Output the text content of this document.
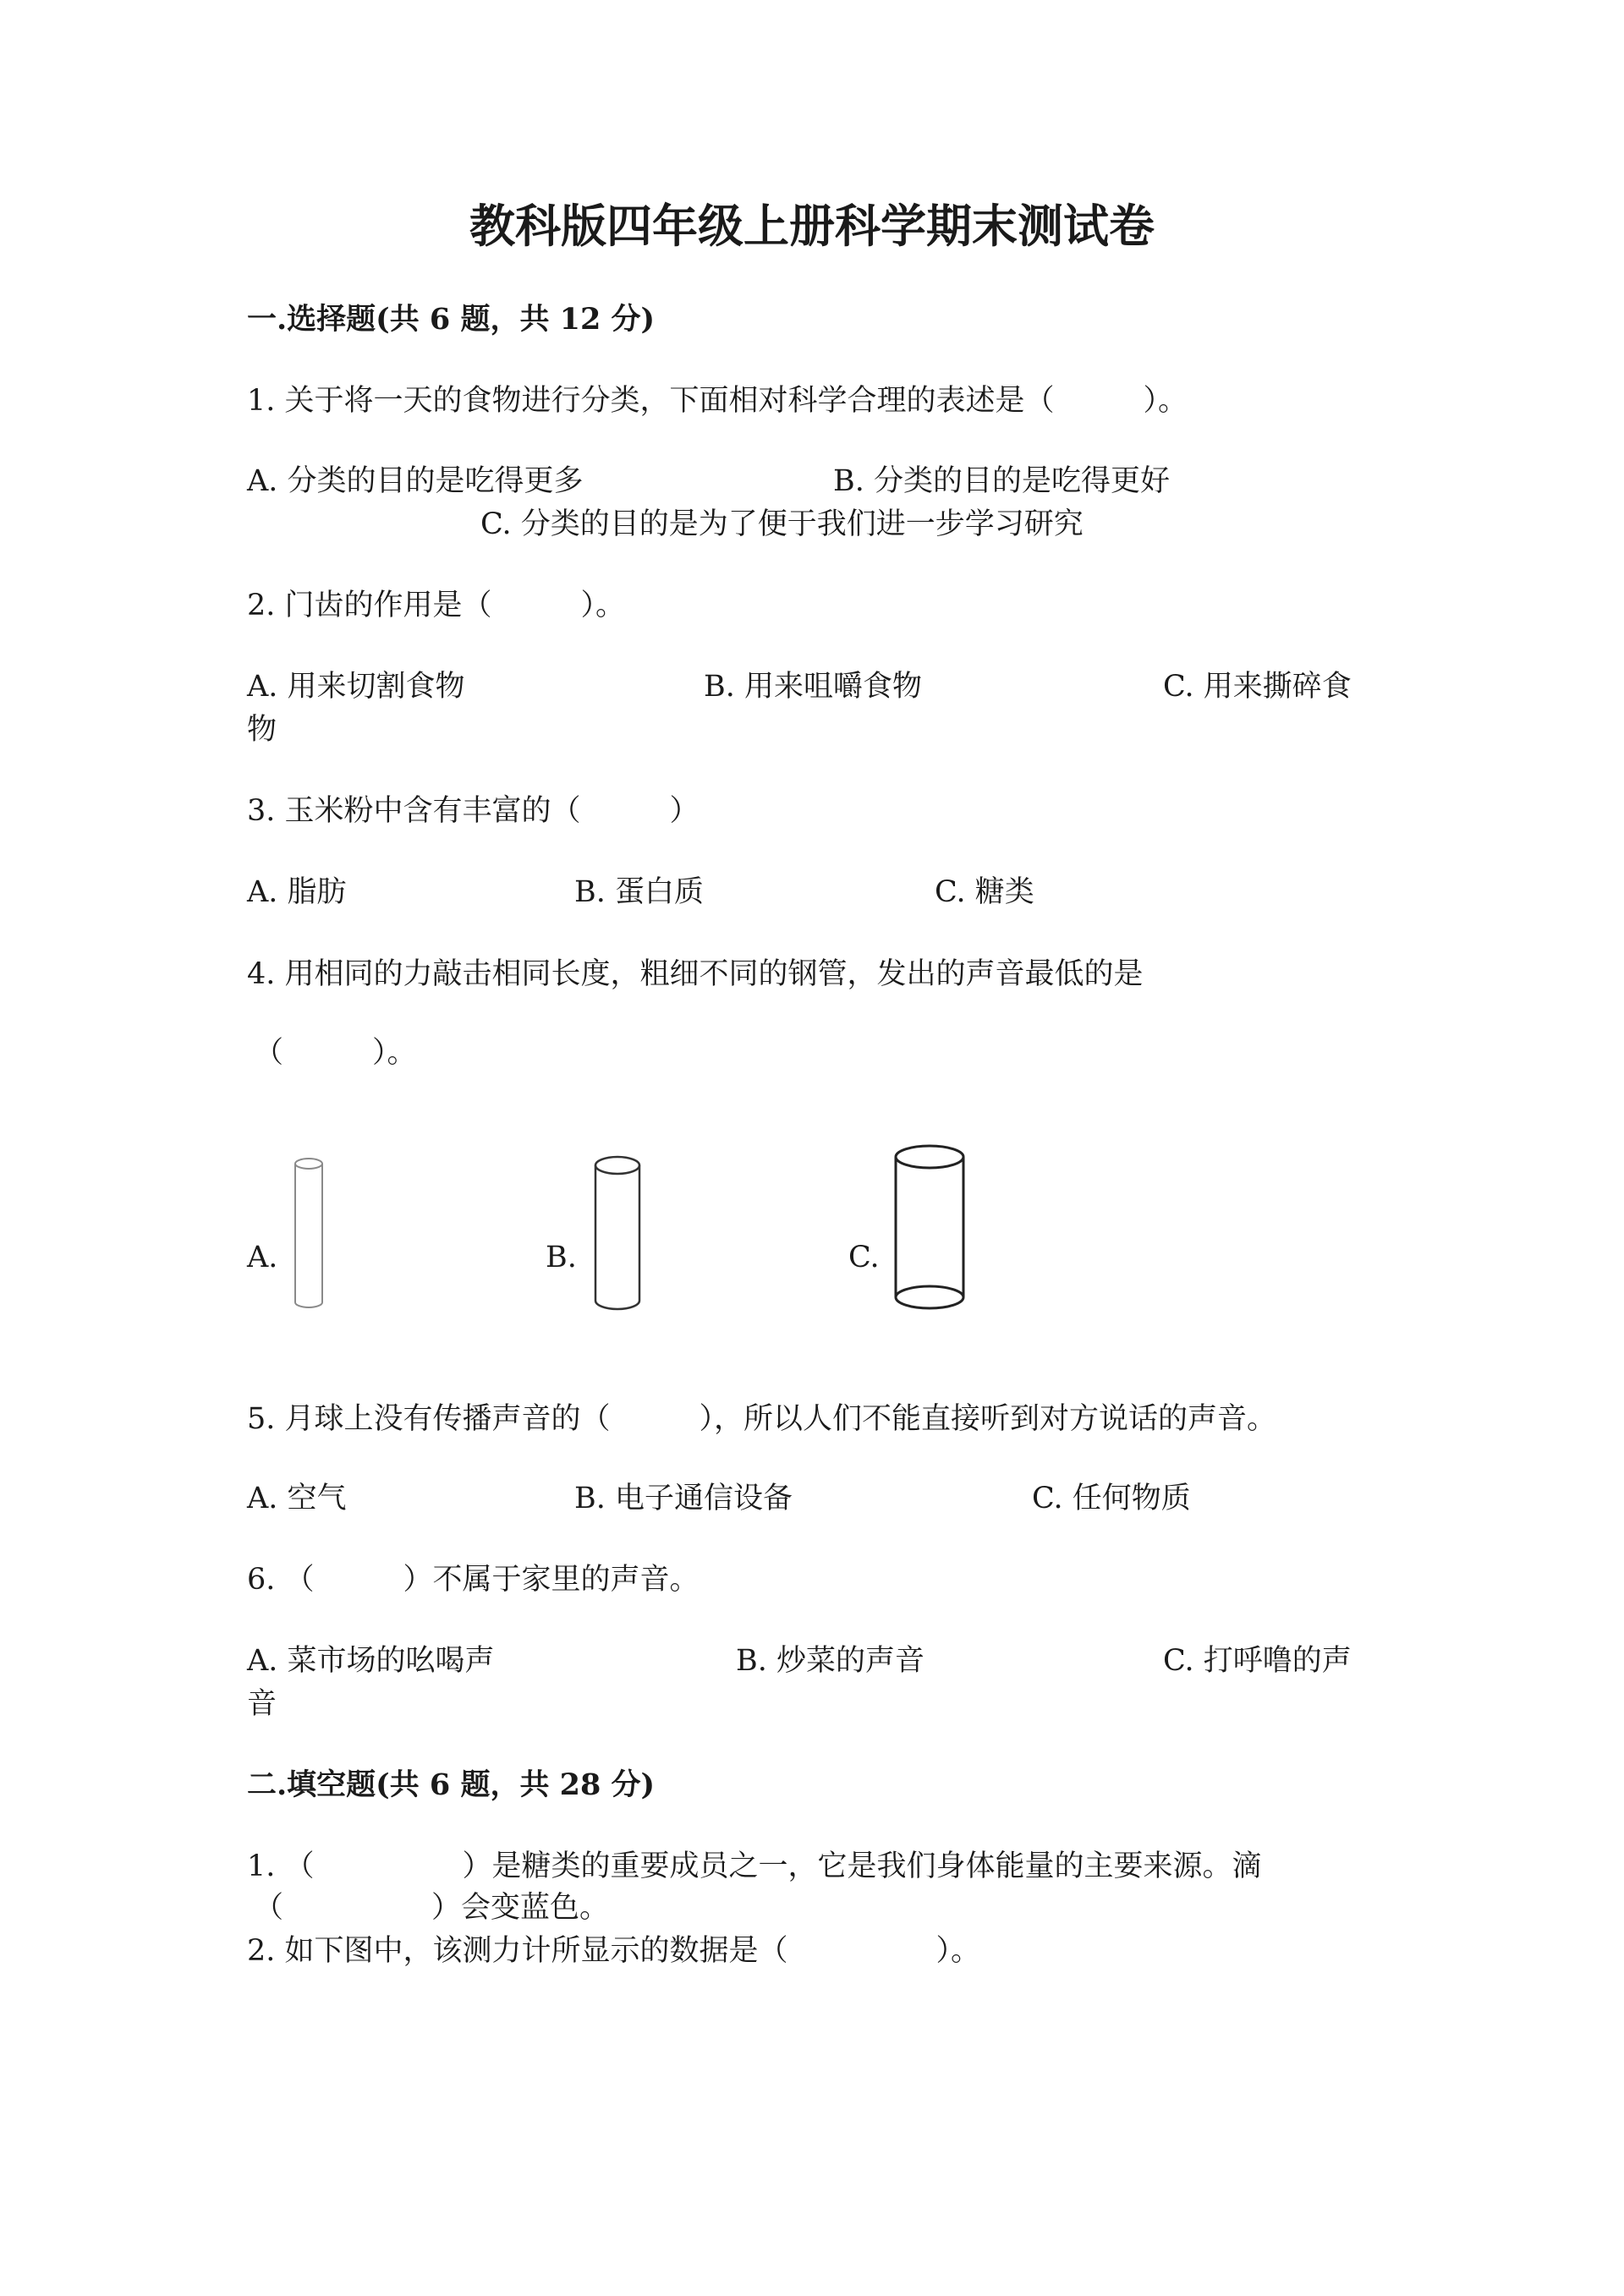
教科版四年级上册科学期末测试卷
一.选择题(共 6 题，共 12 分)
1. 关于将一天的食物进行分类，下面相对科学合理的表述是（　　　）。
A. 分类的目的是吃得更多	B. 分类的目的是吃得更好
C. 分类的目的是为了便于我们进一步学习研究
2. 门齿的作用是（　　　）。
A. 用来切割食物	B. 用来咀嚼食物	C. 用来撕碎食
物
3. 玉米粉中含有丰富的（　　　）
A. 脂肪	B. 蛋白质	C. 糖类
4. 用相同的力敲击相同长度，粗细不同的钢管，发出的声音最低的是
（　　　）。
A.	B.	C.
5. 月球上没有传播声音的（　　　），所以人们不能直接听到对方说话的声音。
A. 空气	B. 电子通信设备	C. 任何物质
6. （　　　）不属于家里的声音。
A. 菜市场的吆喝声	B. 炒菜的声音	C. 打呼噜的声
音
二.填空题(共 6 题，共 28 分)
1. （　　　　　）是糖类的重要成员之一，它是我们身体能量的主要来源。滴
（　　　　　）会变蓝色。
2. 如下图中，该测力计所显示的数据是（　　　　　）。
